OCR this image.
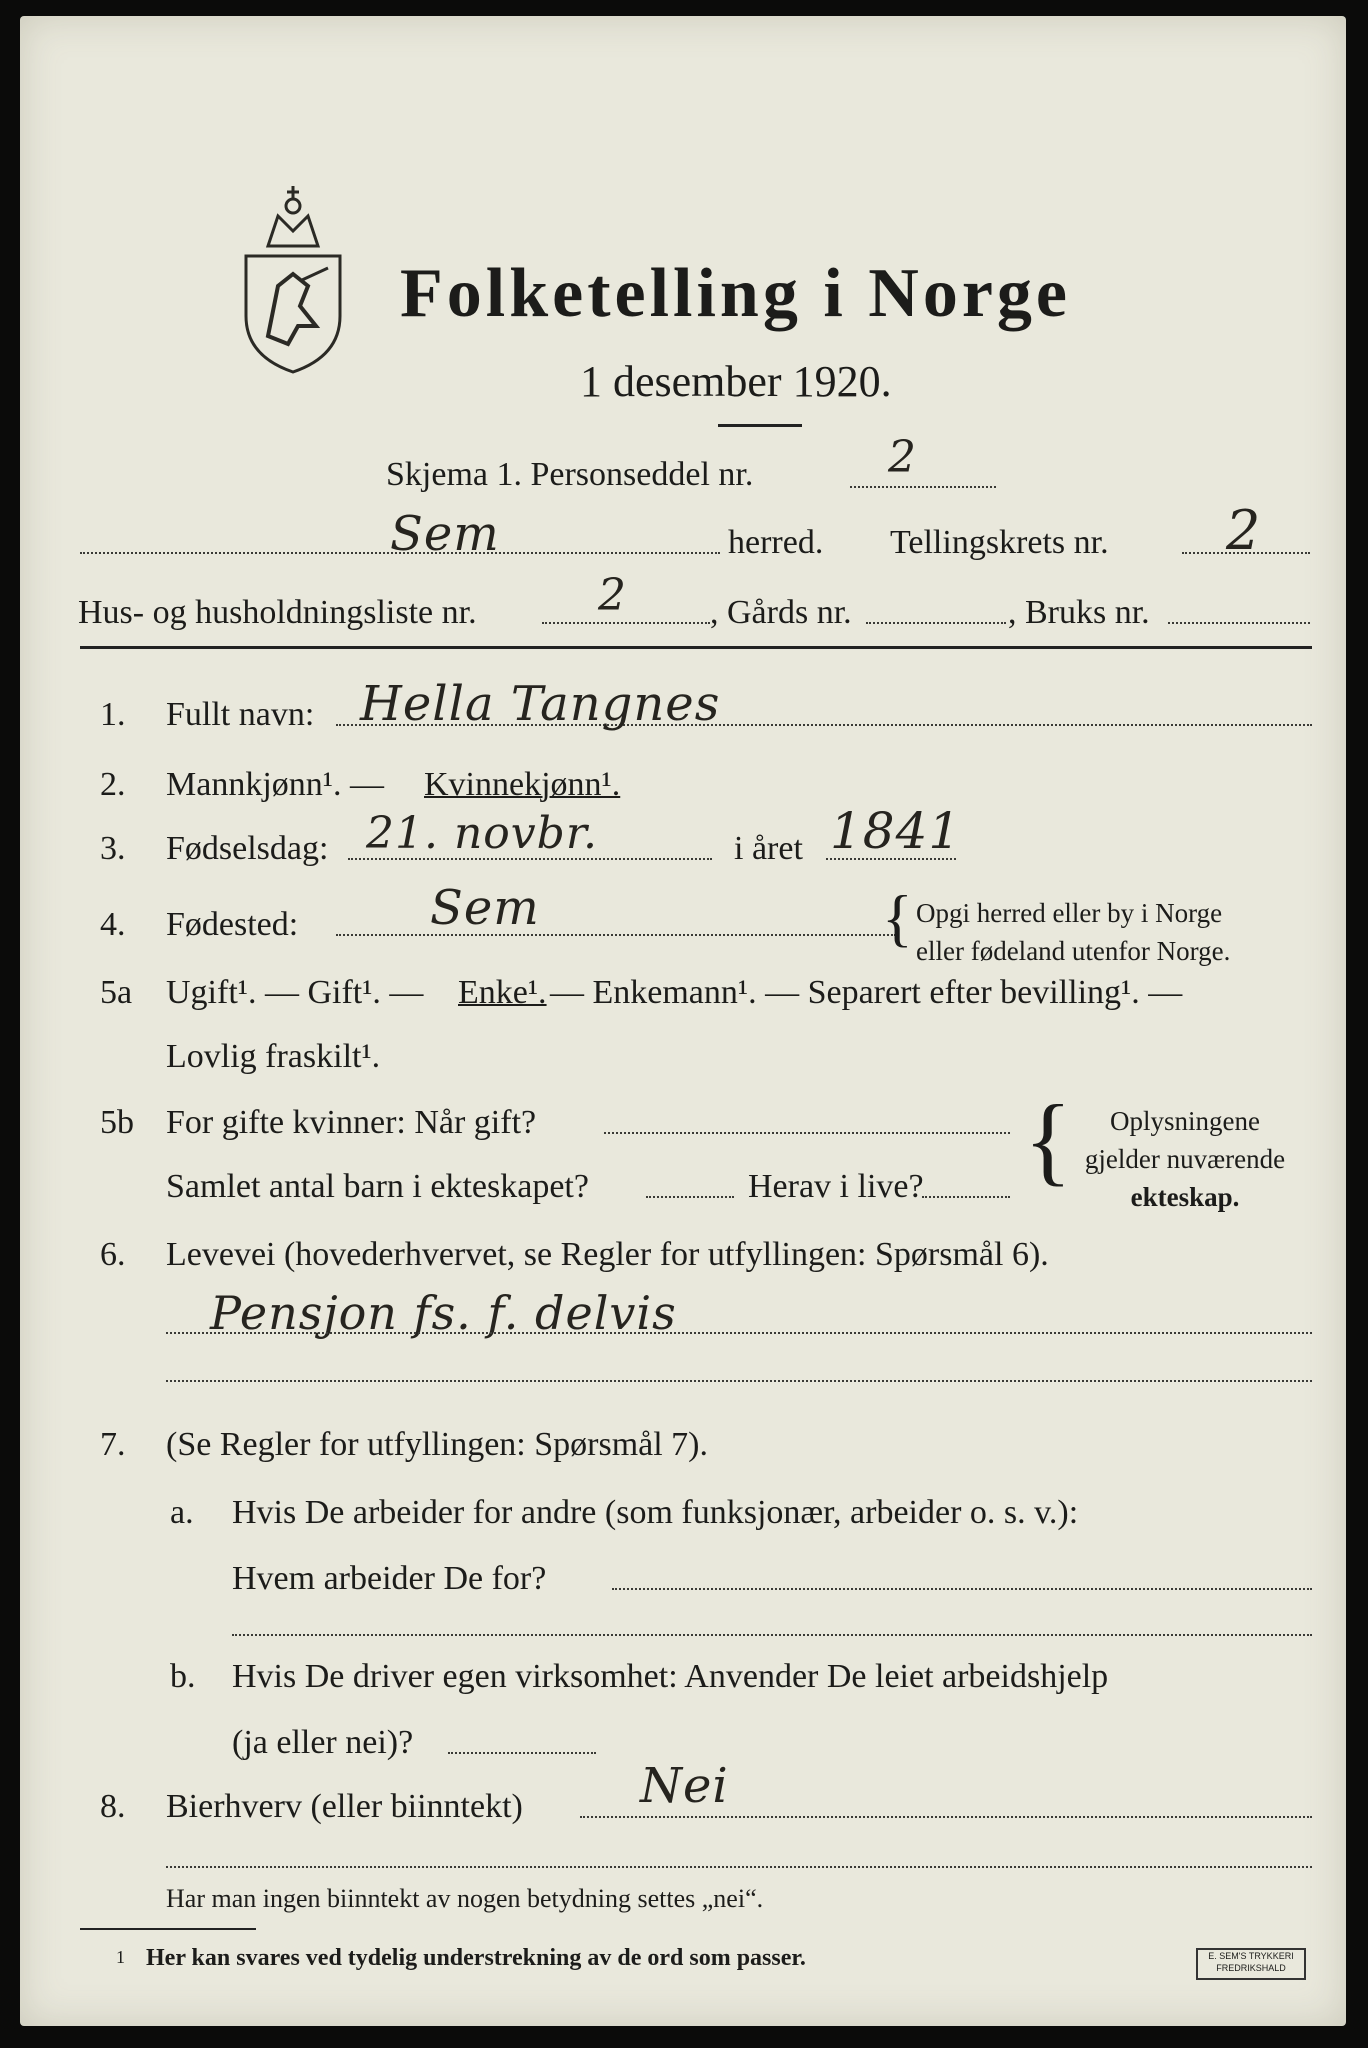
Folketelling i Norge
1 desember 1920.
Skjema 1. Personseddel nr.	2
Sem	herred. Tellingskrets nr. 2
Hus- og husholdningsliste nr.	2 , Gårds nr.	, Bruks nr.
1. Fullt navn: Hella Tangnes
2. Mannkjønn¹. — Kvinnekjønn¹.
3. Fødselsdag: 21. novbr.	i året 1841
4. Fødested:	Sem	{ Opgi herred eller by i Norge
eller fødeland utenfor Norge.
5a Ugift¹. — Gift¹. — Enke¹. — Enkemann¹. — Separert efter bevilling¹. —
Lovlig fraskilt¹.
5b For gifte kvinner: Når gift?
Samlet antal barn i ekteskapet?	Herav i live? {	Oplysningene
gjelder nuværende
ekteskap.
6. Levevei (hovederhvervet, se Regler for utfyllingen: Spørsmål 6).
Pensjon fs. f. delvis
7. (Se Regler for utfyllingen: Spørsmål 7).
a. Hvis De arbeider for andre (som funksjonær, arbeider o. s. v.):
Hvem arbeider De for?
b. Hvis De driver egen virksomhet: Anvender De leiet arbeidshjelp
(ja eller nei)?
8. Bierhverv (eller biinntekt) Nei
Har man ingen biinntekt av nogen betydning settes „nei“.
1 Her kan svares ved tydelig understrekning av de ord som passer.	E. SEM'S TRYKKERI FREDRIKSHALD
